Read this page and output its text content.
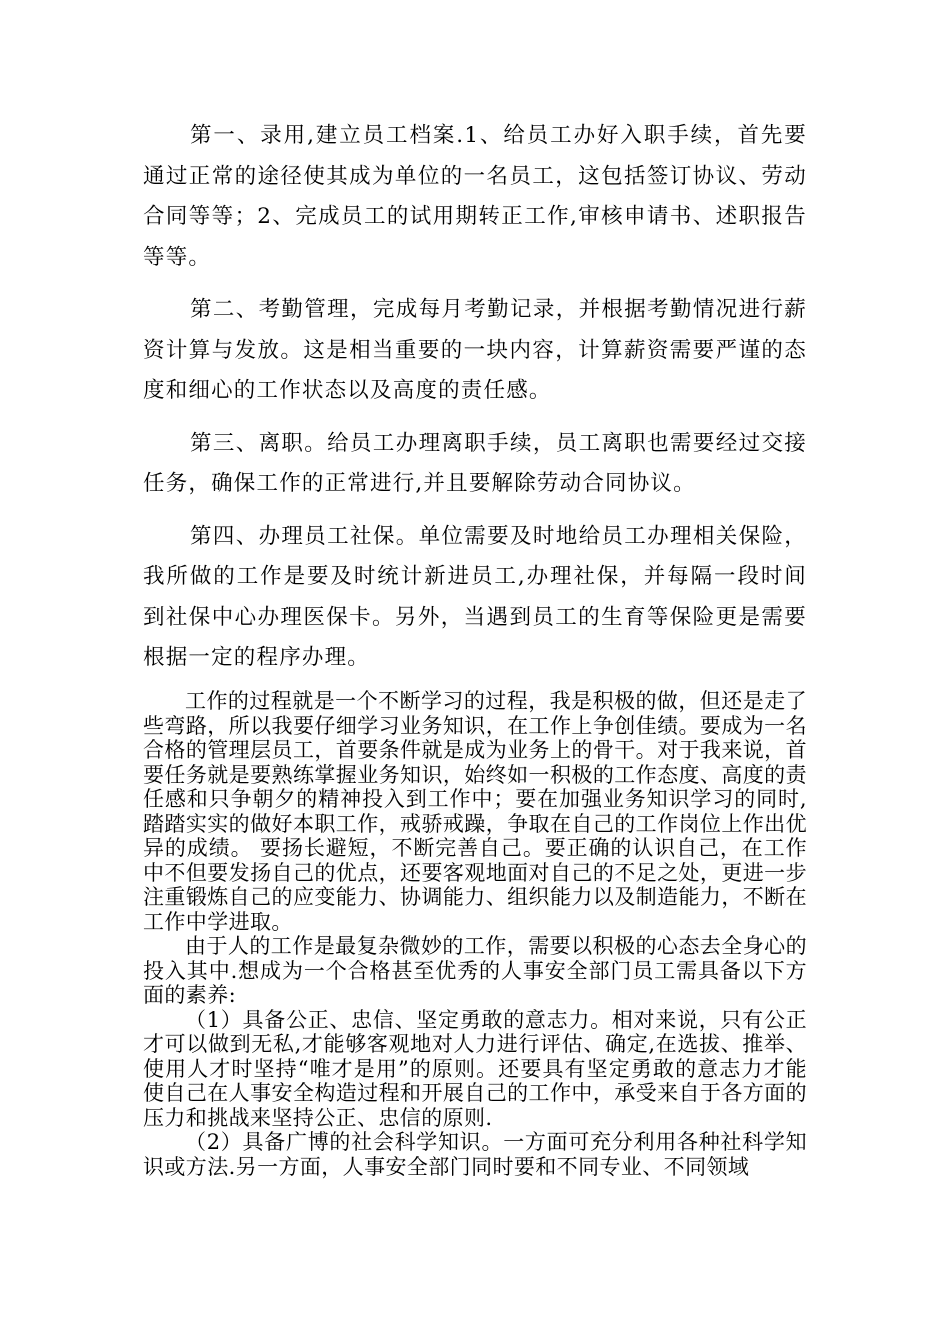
第一、录用,建立员工档案.1、给员工办好入职手续，首先要通过正常的途径使其成为单位的一名员工，这包括签订协议、劳动合同等等；2、完成员工的试用期转正工作,审核申请书、述职报告等等。

第二、考勤管理，完成每月考勤记录，并根据考勤情况进行薪资计算与发放。这是相当重要的一块内容，计算薪资需要严谨的态度和细心的工作状态以及高度的责任感。

第三、离职。给员工办理离职手续，员工离职也需要经过交接任务，确保工作的正常进行,并且要解除劳动合同协议。

第四、办理员工社保。单位需要及时地给员工办理相关保险，我所做的工作是要及时统计新进员工,办理社保，并每隔一段时间到社保中心办理医保卡。另外，当遇到员工的生育等保险更是需要根据一定的程序办理。

工作的过程就是一个不断学习的过程，我是积极的做，但还是走了些弯路，所以我要仔细学习业务知识，在工作上争创佳绩。要成为一名合格的管理层员工，首要条件就是成为业务上的骨干。对于我来说，首要任务就是要熟练掌握业务知识，始终如一积极的工作态度、高度的责任感和只争朝夕的精神投入到工作中；要在加强业务知识学习的同时,踏踏实实的做好本职工作，戒骄戒躁，争取在自己的工作岗位上作出优异的成绩。 要扬长避短，不断完善自己。要正确的认识自己，在工作中不但要发扬自己的优点，还要客观地面对自己的不足之处，更进一步注重锻炼自己的应变能力、协调能力、组织能力以及制造能力，不断在工作中学进取。

由于人的工作是最复杂微妙的工作，需要以积极的心态去全身心的投入其中.想成为一个合格甚至优秀的人事安全部门员工需具备以下方面的素养:

（1）具备公正、忠信、坚定勇敢的意志力。相对来说，只有公正才可以做到无私,才能够客观地对人力进行评估、确定,在选拔、推举、使用人才时坚持“唯才是用”的原则。还要具有坚定勇敢的意志力才能使自己在人事安全构造过程和开展自己的工作中，承受来自于各方面的压力和挑战来坚持公正、忠信的原则.

（2）具备广博的社会科学知识。一方面可充分利用各种社科学知识或方法.另一方面，人事安全部门同时要和不同专业、不同领域
